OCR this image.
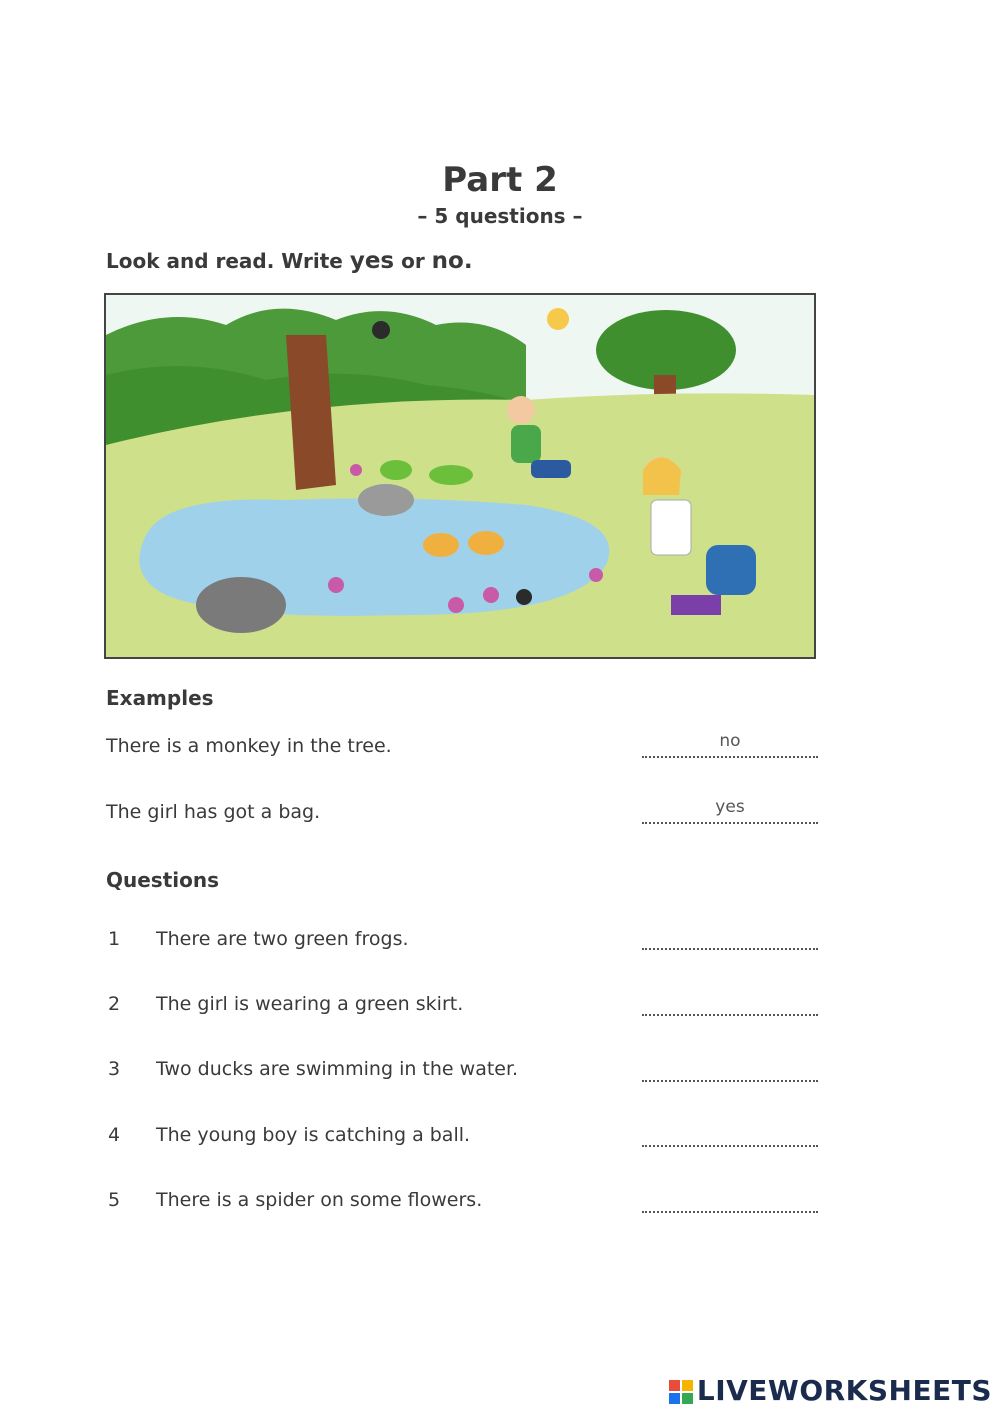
Part 2
– 5 questions –
Look and read. Write yes or no.
Examples
There is a monkey in the tree.	no
The girl has got a bag.	yes
Questions
1 There are two green frogs.
2 The girl is wearing a green skirt.
3 Two ducks are swimming in the water.
4 The young boy is catching a ball.
5 There is a spider on some flowers.
LIVEWORKSHEETS
